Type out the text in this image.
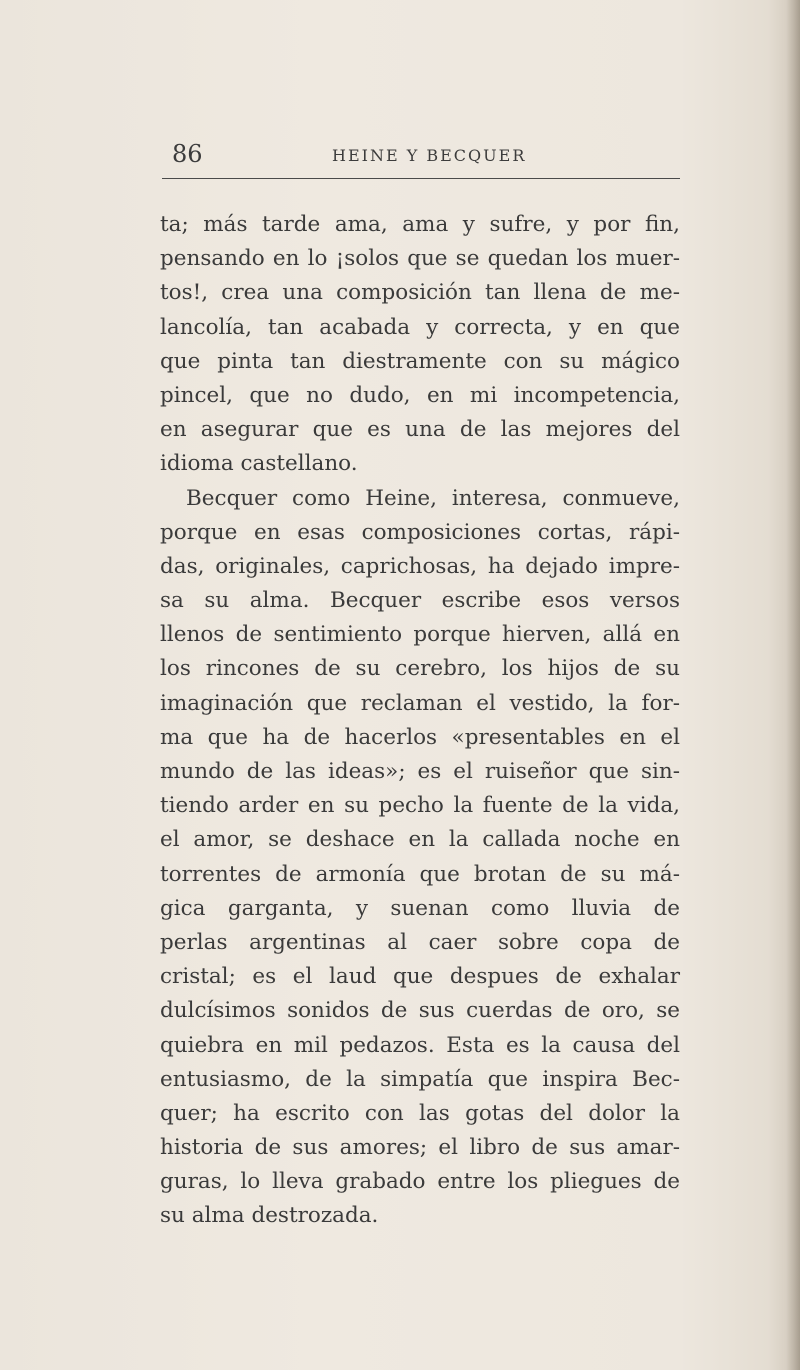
86	HEINE Y BECQUER
ta; más tarde ama, ama y sufre, y por fin,
pensando en lo ¡solos que se quedan los muer-
tos!, crea una composición tan llena de me-
lancolía, tan acabada y correcta, y en que
que pinta tan diestramente con su mágico
pincel, que no dudo, en mi incompetencia,
en asegurar que es una de las mejores del
idioma castellano.
Becquer como Heine, interesa, conmueve,
porque en esas composiciones cortas, rápi-
das, originales, caprichosas, ha dejado impre-
sa su alma. Becquer escribe esos versos
llenos de sentimiento porque hierven, allá en
los rincones de su cerebro, los hijos de su
imaginación que reclaman el vestido, la for-
ma que ha de hacerlos «presentables en el
mundo de las ideas»; es el ruiseñor que sin-
tiendo arder en su pecho la fuente de la vida,
el amor, se deshace en la callada noche en
torrentes de armonía que brotan de su má-
gica garganta, y suenan como lluvia de
perlas argentinas al caer sobre copa de
cristal; es el laud que despues de exhalar
dulcísimos sonidos de sus cuerdas de oro, se
quiebra en mil pedazos. Esta es la causa del
entusiasmo, de la simpatía que inspira Bec-
quer; ha escrito con las gotas del dolor la
historia de sus amores; el libro de sus amar-
guras, lo lleva grabado entre los pliegues de
su alma destrozada.
